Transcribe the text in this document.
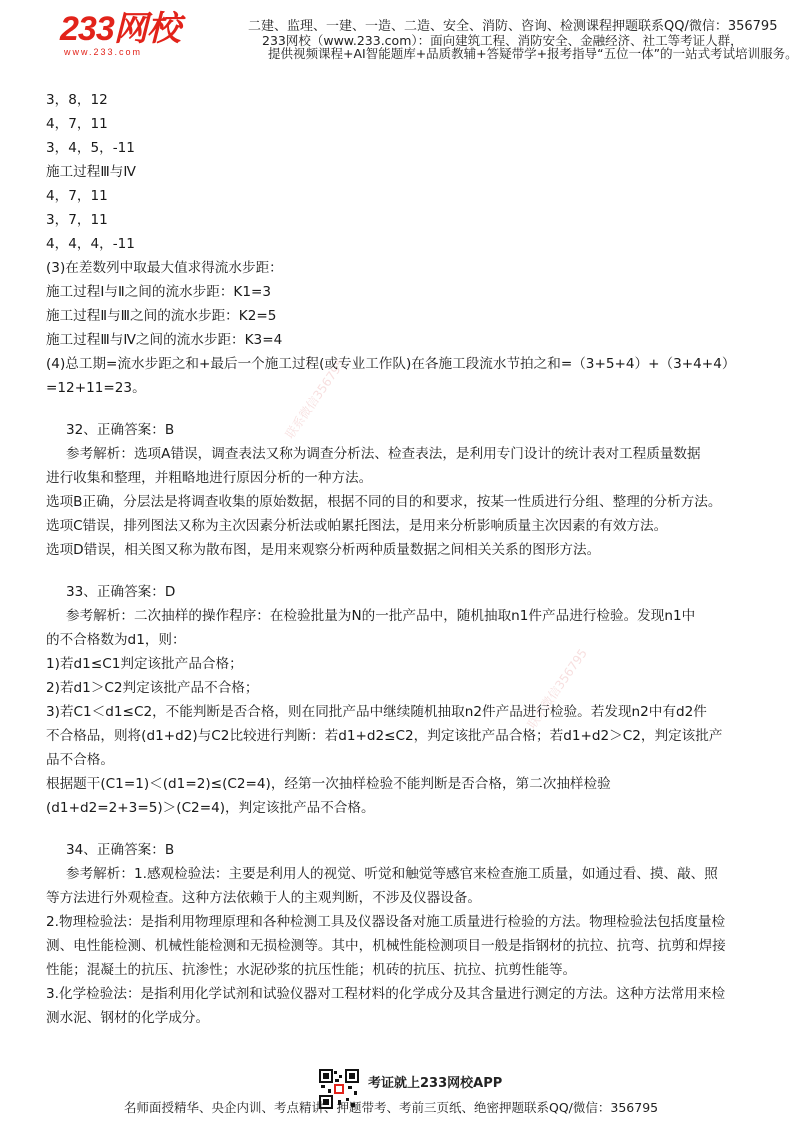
233网校
www.233.com
二建、监理、一建、一造、二造、安全、消防、咨询、检测课程押题联系QQ/微信：356795
233网校（www.233.com）：面向建筑工程、消防安全、金融经济、社工等考证人群，
提供视频课程+AI智能题库+品质教辅+答疑带学+报考指导“五位一体”的一站式考试培训服务。
联系微信356795
联系微信356795
3，8，12
4，7，11
3，4，5，-11
施工过程Ⅲ与Ⅳ
4，7，11
3，7，11
4，4，4，-11
(3)在差数列中取最大值求得流水步距：
施工过程Ⅰ与Ⅱ之间的流水步距：K1=3
施工过程Ⅱ与Ⅲ之间的流水步距：K2=5
施工过程Ⅲ与Ⅳ之间的流水步距：K3=4
(4)总工期=流水步距之和+最后一个施工过程(或专业工作队)在各施工段流水节拍之和=（3+5+4）+（3+4+4）
=12+11=23。
32、正确答案：B
参考解析：选项A错误，调查表法又称为调查分析法、检查表法，是利用专门设计的统计表对工程质量数据
进行收集和整理，并粗略地进行原因分析的一种方法。
选项B正确，分层法是将调查收集的原始数据，根据不同的目的和要求，按某一性质进行分组、整理的分析方法。
选项C错误，排列图法又称为主次因素分析法或帕累托图法，是用来分析影响质量主次因素的有效方法。
选项D错误，相关图又称为散布图，是用来观察分析两种质量数据之间相关关系的图形方法。
33、正确答案：D
参考解析：二次抽样的操作程序：在检验批量为N的一批产品中，随机抽取n1件产品进行检验。发现n1中
的不合格数为d1，则：
1)若d1≤C1判定该批产品合格；
2)若d1＞C2判定该批产品不合格；
3)若C1＜d1≤C2，不能判断是否合格，则在同批产品中继续随机抽取n2件产品进行检验。若发现n2中有d2件
不合格品，则将(d1+d2)与C2比较进行判断：若d1+d2≤C2，判定该批产品合格；若d1+d2＞C2，判定该批产
品不合格。
根据题干(C1=1)＜(d1=2)≤(C2=4)，经第一次抽样检验不能判断是否合格，第二次抽样检验
(d1+d2=2+3=5)＞(C2=4)，判定该批产品不合格。
34、正确答案：B
参考解析：1.感观检验法：主要是利用人的视觉、听觉和触觉等感官来检查施工质量，如通过看、摸、敲、照
等方法进行外观检查。这种方法依赖于人的主观判断，不涉及仪器设备。
2.物理检验法：是指利用物理原理和各种检测工具及仪器设备对施工质量进行检验的方法。物理检验法包括度量检
测、电性能检测、机械性能检测和无损检测等。其中，机械性能检测项目一般是指钢材的抗拉、抗弯、抗剪和焊接
性能；混凝土的抗压、抗渗性；水泥砂浆的抗压性能；机砖的抗压、抗拉、抗剪性能等。
3.化学检验法：是指利用化学试剂和试验仪器对工程材料的化学成分及其含量进行测定的方法。这种方法常用来检
测水泥、钢材的化学成分。
考证就上233网校APP
名师面授精华、央企内训、考点精讲、押题带考、考前三页纸、绝密押题联系QQ/微信：356795
